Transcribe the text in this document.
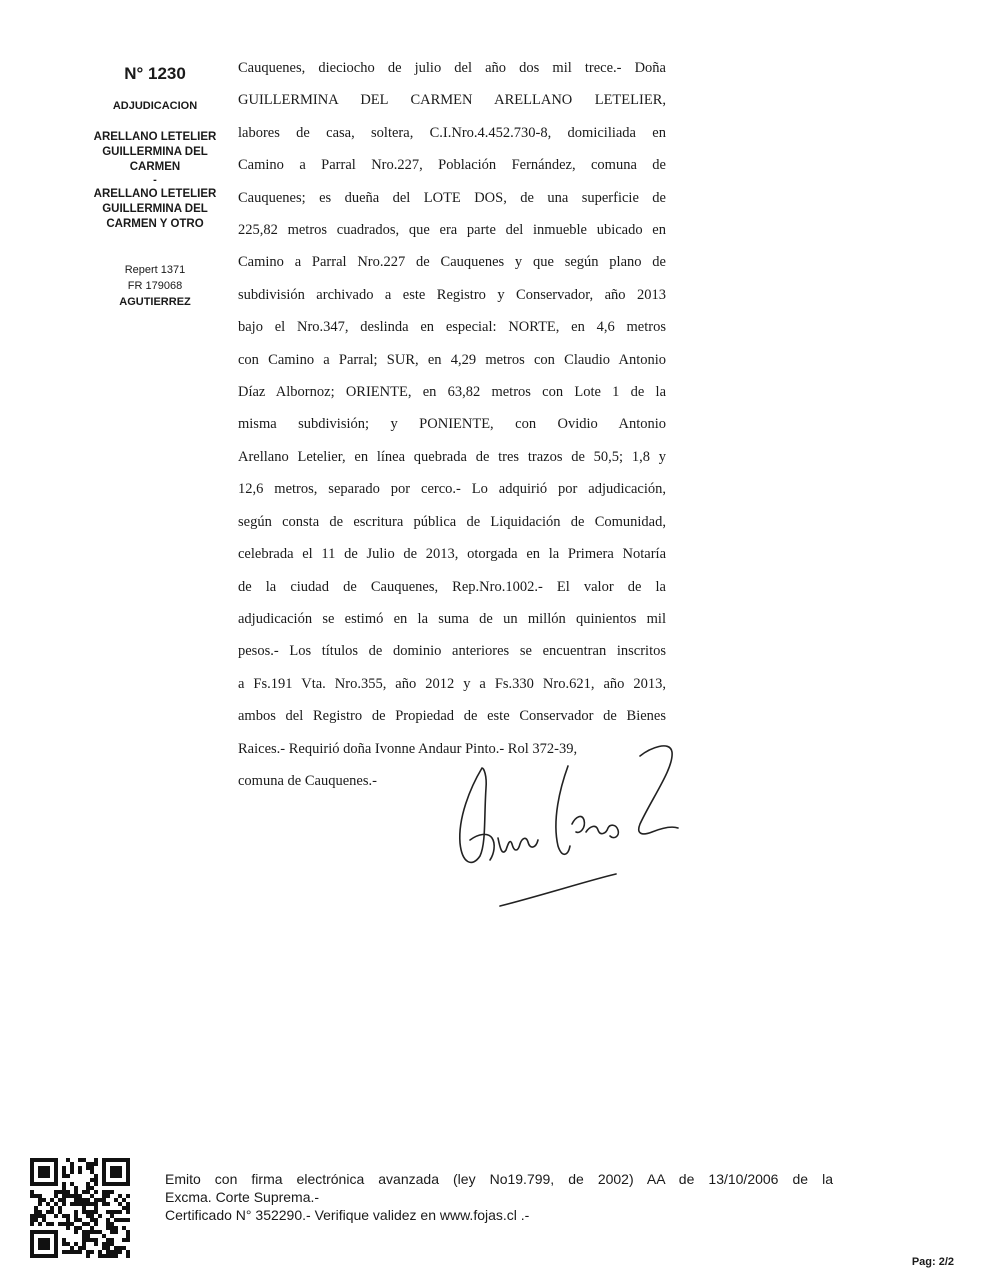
N° 1230
ADJUDICACION
ARELLANO LETELIER
GUILLERMINA DEL
CARMEN
-
ARELLANO LETELIER
GUILLERMINA DEL
CARMEN Y OTRO
Repert 1371
FR 179068
AGUTIERREZ
Cauquenes, dieciocho de julio del año dos mil trece.- Doña
GUILLERMINA DEL CARMEN ARELLANO LETELIER,
labores de casa, soltera, C.I.Nro.4.452.730-8, domiciliada en
Camino a Parral Nro.227, Población Fernández, comuna de
Cauquenes; es dueña del LOTE DOS, de una superficie de
225,82 metros cuadrados, que era parte del inmueble ubicado en
Camino a Parral Nro.227 de Cauquenes y que según plano de
subdivisión archivado a este Registro y Conservador, año 2013
bajo el Nro.347, deslinda en especial: NORTE, en 4,6 metros
con Camino a Parral; SUR, en 4,29 metros con Claudio Antonio
Díaz Albornoz; ORIENTE, en 63,82 metros con Lote 1 de la
misma subdivisión; y PONIENTE, con Ovidio Antonio
Arellano Letelier, en línea quebrada de tres trazos de 50,5; 1,8 y
12,6 metros, separado por cerco.- Lo adquirió por adjudicación,
según consta de escritura pública de Liquidación de Comunidad,
celebrada el 11 de Julio de 2013, otorgada en la Primera Notaría
de la ciudad de Cauquenes, Rep.Nro.1002.- El valor de la
adjudicación se estimó en la suma de un millón quinientos mil
pesos.- Los títulos de dominio anteriores se encuentran inscritos
a Fs.191 Vta. Nro.355, año 2012 y a Fs.330 Nro.621, año 2013,
ambos del Registro de Propiedad de este Conservador de Bienes
Raices.- Requirió doña Ivonne Andaur Pinto.- Rol 372-39,
comuna de Cauquenes.-
Emito con firma electrónica avanzada (ley No19.799, de 2002) AA de 13/10/2006 de la
Excma. Corte Suprema.-
Certificado N° 352290.- Verifique validez en www.fojas.cl .-
Pag: 2/2
